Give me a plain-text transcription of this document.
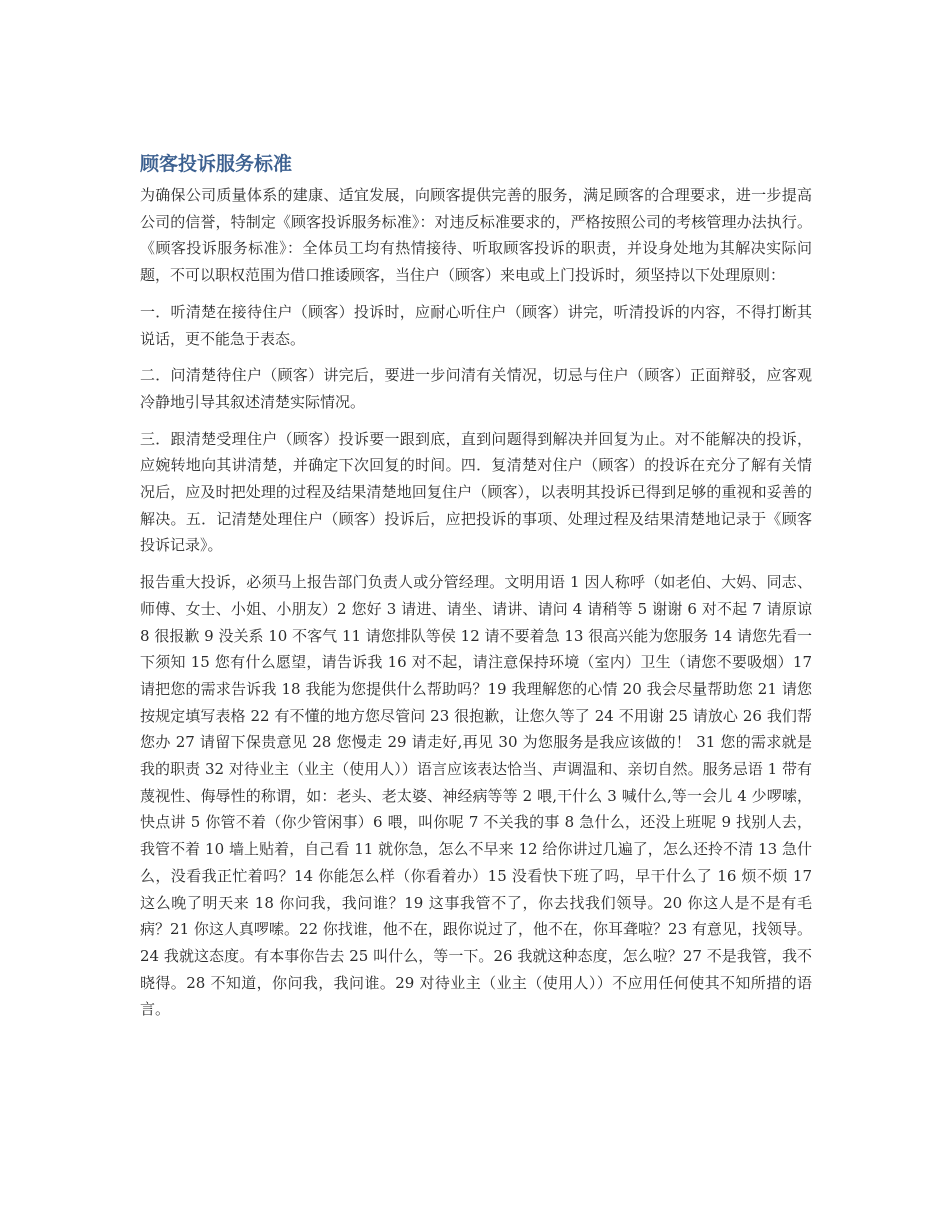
顾客投诉服务标准

为确保公司质量体系的建康、适宜发展，向顾客提供完善的服务，满足顾客的合理要求，进一步提高公司的信誉，特制定《顾客投诉服务标准》：对违反标准要求的，严格按照公司的考核管理办法执行。《顾客投诉服务标准》：全体员工均有热情接待、听取顾客投诉的职责，并设身处地为其解决实际问题，不可以职权范围为借口推诿顾客，当住户（顾客）来电或上门投诉时，须坚持以下处理原则：

一．听清楚在接待住户（顾客）投诉时，应耐心听住户（顾客）讲完，听清投诉的内容，不得打断其说话，更不能急于表态。

二．问清楚待住户（顾客）讲完后，要进一步问清有关情况，切忌与住户（顾客）正面辩驳，应客观冷静地引导其叙述清楚实际情况。

三．跟清楚受理住户（顾客）投诉要一跟到底，直到问题得到解决并回复为止。对不能解决的投诉，应婉转地向其讲清楚，并确定下次回复的时间。四．复清楚对住户（顾客）的投诉在充分了解有关情况后，应及时把处理的过程及结果清楚地回复住户（顾客），以表明其投诉已得到足够的重视和妥善的解决。五．记清楚处理住户（顾客）投诉后，应把投诉的事项、处理过程及结果清楚地记录于《顾客投诉记录》。

报告重大投诉，必须马上报告部门负责人或分管经理。文明用语 1 因人称呼（如老伯、大妈、同志、师傅、女士、小姐、小朋友）2 您好 3 请进、请坐、请讲、请问 4 请稍等 5 谢谢 6 对不起 7 请原谅 8 很报歉 9 没关系 10 不客气 11 请您排队等侯 12 请不要着急 13 很高兴能为您服务 14 请您先看一下须知 15 您有什么愿望，请告诉我 16 对不起，请注意保持环境（室内）卫生（请您不要吸烟）17 请把您的需求告诉我 18 我能为您提供什么帮助吗？19 我理解您的心情 20 我会尽量帮助您 21 请您按规定填写表格 22 有不懂的地方您尽管问 23 很抱歉，让您久等了 24 不用谢 25 请放心 26 我们帮您办 27 请留下保贵意见 28 您慢走 29 请走好,再见 30 为您服务是我应该做的！ 31 您的需求就是我的职责 32 对待业主（业主（使用人））语言应该表达恰当、声调温和、亲切自然。服务忌语 1 带有蔑视性、侮辱性的称谓，如：老头、老太婆、神经病等等 2 喂,干什么 3 喊什么,等一会儿 4 少啰嗦，快点讲 5 你管不着（你少管闲事）6 喂，叫你呢 7 不关我的事 8 急什么，还没上班呢 9 找别人去，我管不着 10 墙上贴着，自己看 11 就你急，怎么不早来 12 给你讲过几遍了，怎么还拎不清 13 急什么，没看我正忙着吗？14 你能怎么样（你看着办）15 没看快下班了吗，早干什么了 16 烦不烦 17 这么晚了明天来 18 你问我，我问谁？19 这事我管不了，你去找我们领导。20 你这人是不是有毛病？21 你这人真啰嗦。22 你找谁，他不在，跟你说过了，他不在，你耳聋啦？23 有意见，找领导。24 我就这态度。有本事你告去 25 叫什么，等一下。26 我就这种态度，怎么啦？27 不是我管，我不晓得。28 不知道，你问我，我问谁。29 对待业主（业主（使用人））不应用任何使其不知所措的语言。
